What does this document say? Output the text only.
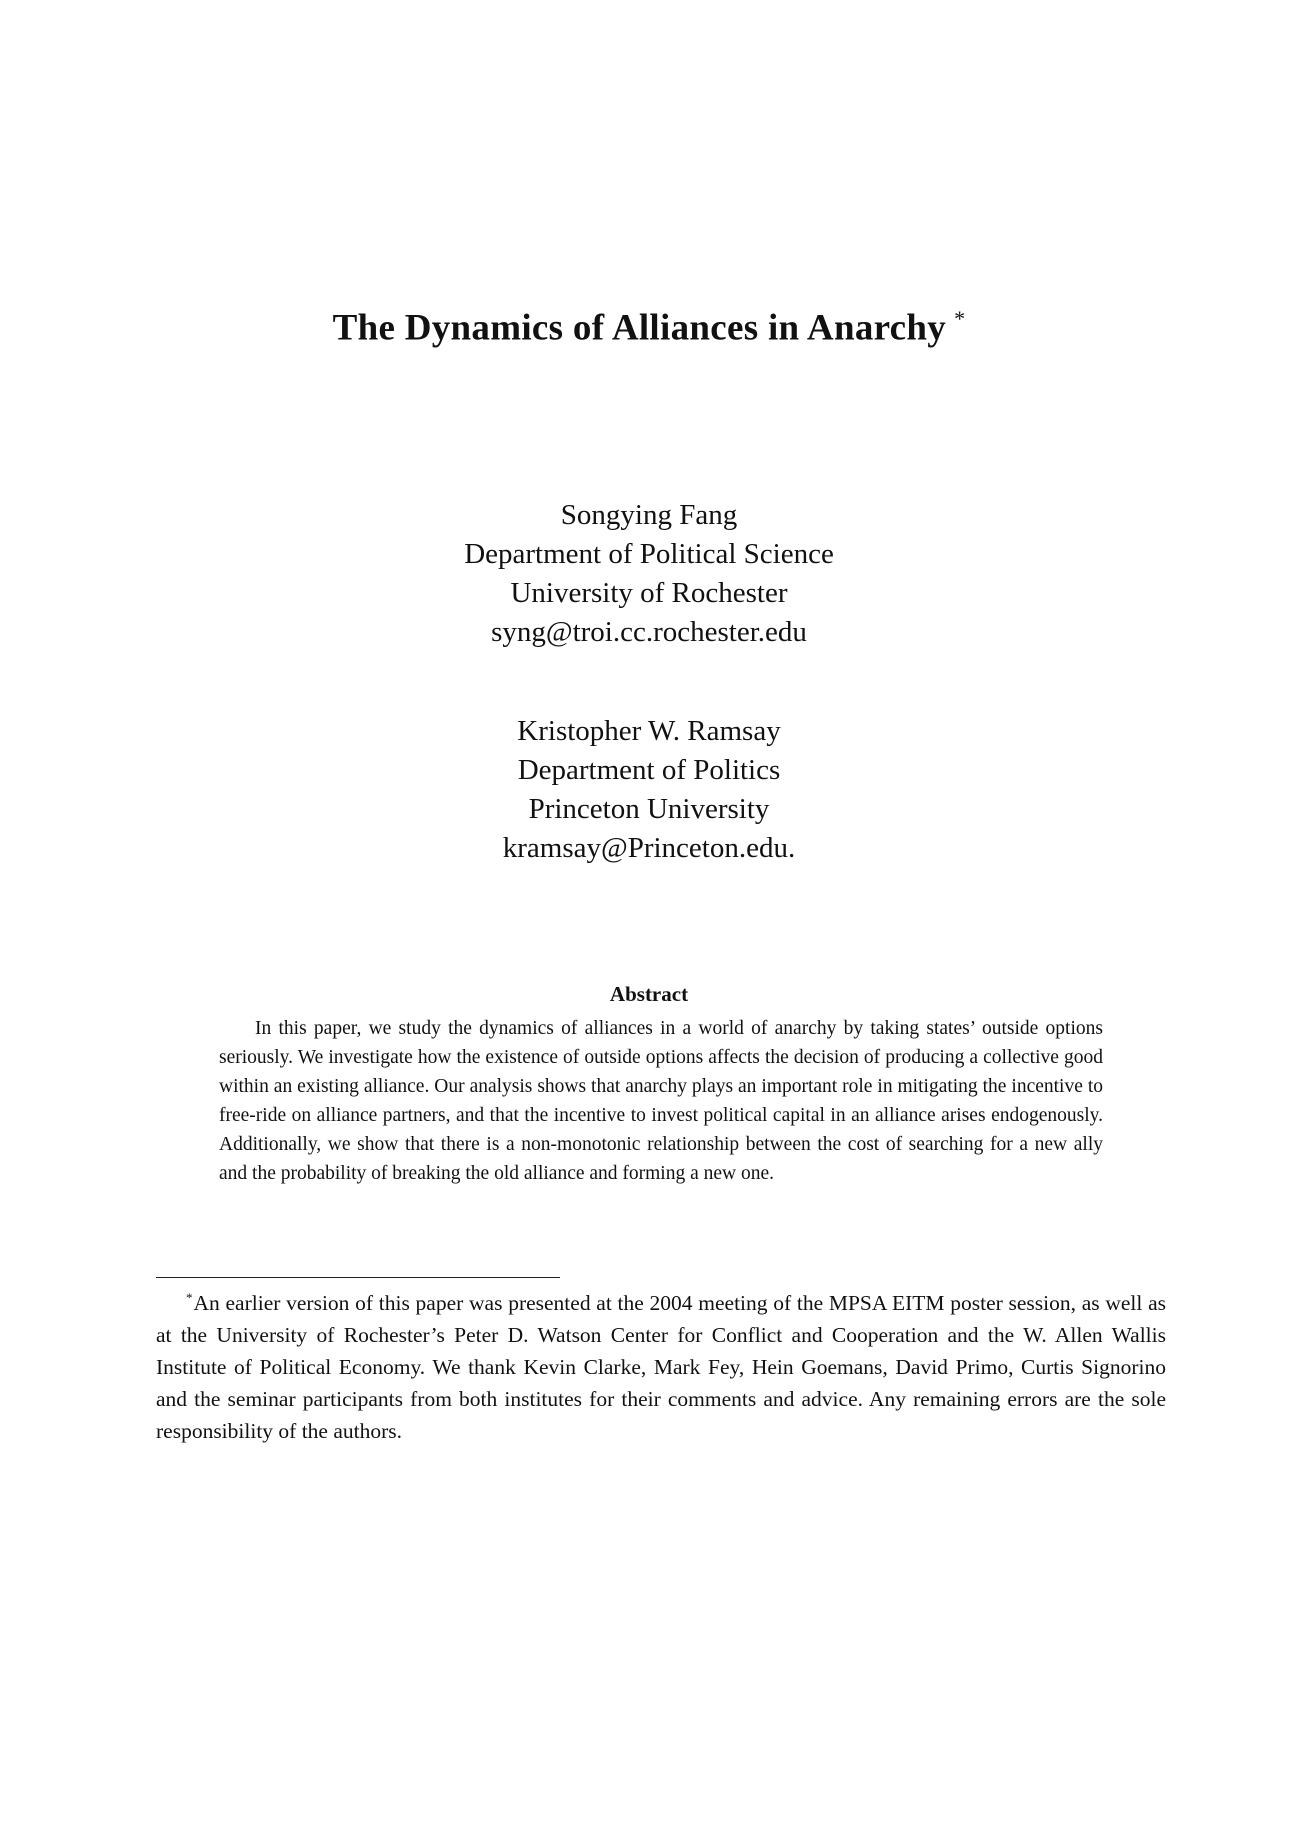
The Dynamics of Alliances in Anarchy *
Songying Fang
Department of Political Science
University of Rochester
syng@troi.cc.rochester.edu
Kristopher W. Ramsay
Department of Politics
Princeton University
kramsay@Princeton.edu.
Abstract
In this paper, we study the dynamics of alliances in a world of anarchy by taking states’ outside options seriously. We investigate how the existence of outside options affects the decision of producing a collective good within an existing alliance. Our analysis shows that anarchy plays an important role in mitigating the incentive to free-ride on alliance partners, and that the incentive to invest political capital in an alliance arises endogenously. Additionally, we show that there is a non-monotonic relationship between the cost of searching for a new ally and the probability of breaking the old alliance and forming a new one.
*An earlier version of this paper was presented at the 2004 meeting of the MPSA EITM poster session, as well as at the University of Rochester’s Peter D. Watson Center for Conflict and Cooperation and the W. Allen Wallis Institute of Political Economy. We thank Kevin Clarke, Mark Fey, Hein Goemans, David Primo, Curtis Signorino and the seminar participants from both institutes for their comments and advice. Any remaining errors are the sole responsibility of the authors.
